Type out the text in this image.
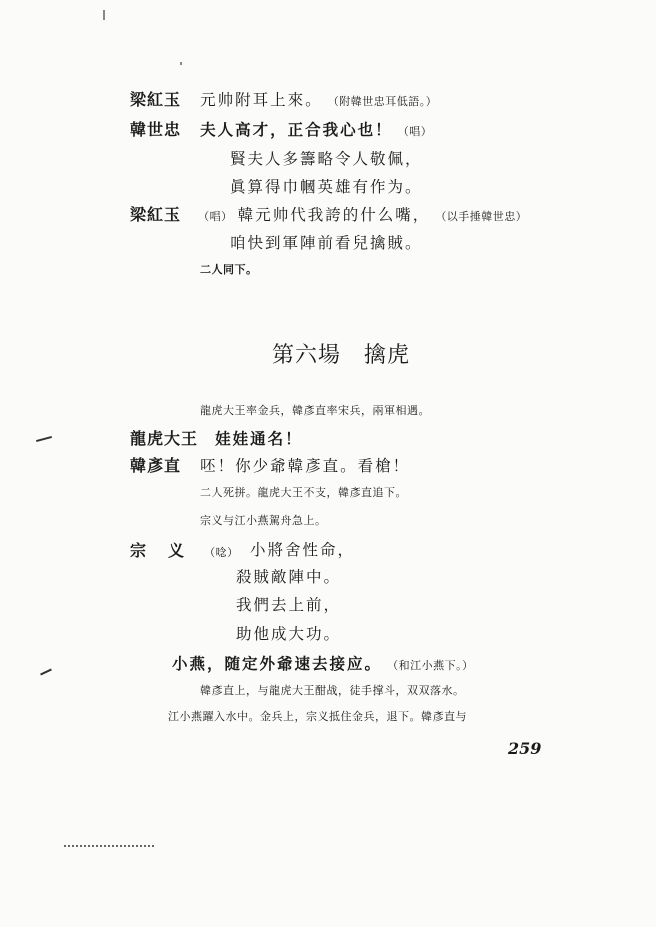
梁紅玉 元帅附耳上來。 （附韓世忠耳低語。）
韓世忠 夫人高才，正合我心也！ （唱）
賢夫人多籌略令人敬佩，
眞算得巾幗英雄有作为。
梁紅玉 （唱） 韓元帅代我誇的什么嘴， （以手捶韓世忠）
咱快到軍陣前看兒擒賊。
二人同下。
第六場　擒虎
龍虎大王率金兵，韓彥直率宋兵，兩軍相遇。
龍虎大王 娃娃通名！
韓彥直 呸！你少爺韓彥直。看槍！
二人死拼。龍虎大王不支，韓彥直追下。
宗义与江小燕駕舟急上。
宗　义 （唸） 小將舍性命，
殺賊敵陣中。
我們去上前，
助他成大功。
小燕，随定外爺速去接应。 （和江小燕下。）
韓彥直上，与龍虎大王酣战，徒手撑斗，双双落水。
江小燕躍入水中。金兵上，宗义抵住金兵，退下。韓彥直与
259
